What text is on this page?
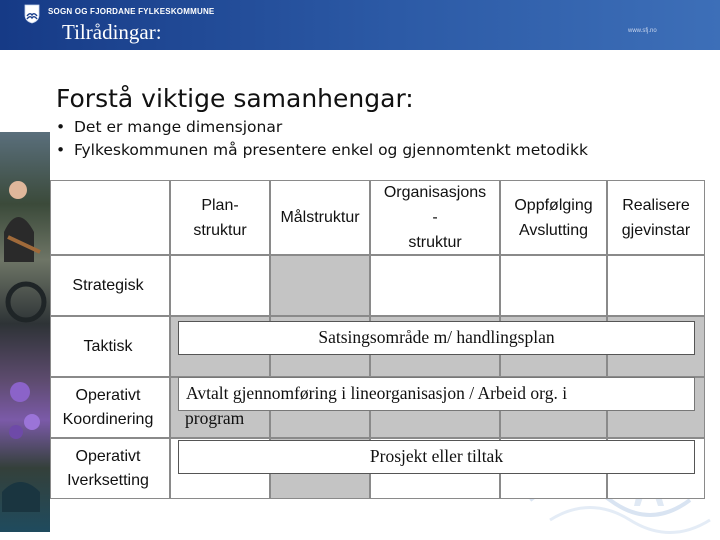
SOGN OG FJORDANE FYLKESKOMMUNE
Tilrådingar:	www.sfj.no
Forstå viktige samanhengar:
• Det er mange dimensjonar
• Fylkeskommunen må presentere enkel og gjennomtenkt metodikk
Plan-
struktur
Målstruktur
Organisasjons
-
struktur
Oppfølging
Avslutting
Realisere
gjevinstar
Strategisk
Taktisk
Operativt
Koordinering
Operativt
Iverksetting
Satsingsområde m/ handlingsplan
Avtalt gjennomføring i lineorganisasjon / Arbeid org. i
program
Prosjekt eller tiltak
